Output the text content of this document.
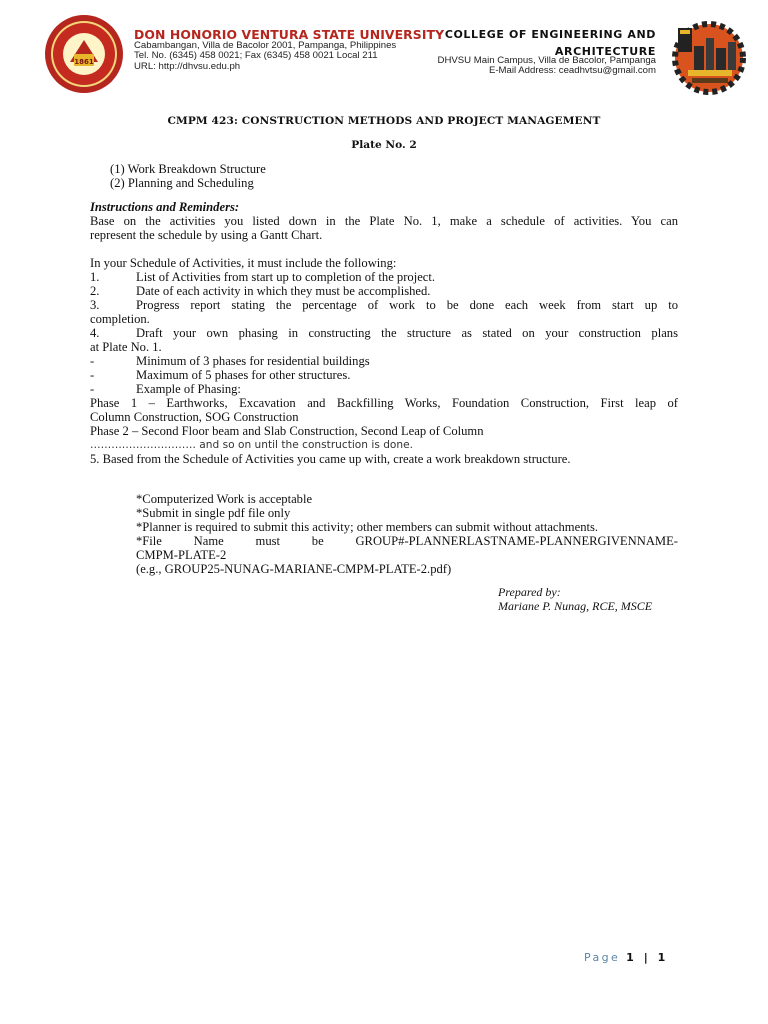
1861
DON HONORIO VENTURA STATE UNIVERSITY
Cabambangan, Villa de Bacolor 2001, Pampanga, Philippines
Tel. No. (6345) 458 0021; Fax (6345) 458 0021 Local 211
URL: http://dhvsu.edu.ph
COLLEGE OF ENGINEERING AND
ARCHITECTURE
DHVSU Main Campus, Villa de Bacolor, Pampanga
E-Mail Address: ceadhvtsu@gmail.com
CMPM 423: CONSTRUCTION METHODS AND PROJECT MANAGEMENT
Plate No. 2
(1) Work Breakdown Structure
(2) Planning and Scheduling
Instructions and Reminders:
Base on the activities you listed down in the Plate No. 1, make a schedule of activities. You can
represent the schedule by using a Gantt Chart.
In your Schedule of Activities, it must include the following:
1.	List of Activities from start up to completion of the project.
2.	Date of each activity in which they must be accomplished.
3.	Progress report stating the percentage of work to be done each week from start up to
completion.
4.	Draft your own phasing in constructing the structure as stated on your construction plans
at Plate No. 1.
-	Minimum of 3 phases for residential buildings
-	Maximum of 5 phases for other structures.
-	Example of Phasing:
Phase 1 – Earthworks, Excavation and Backfilling Works, Foundation Construction, First leap of
Column Construction, SOG Construction
Phase 2 – Second Floor beam and Slab Construction, Second Leap of Column
………………………… and so on until the construction is done.
5. Based from the Schedule of Activities you came up with, create a work breakdown structure.
*Computerized Work is acceptable
*Submit in single pdf file only
*Planner is required to submit this activity; other members can submit without attachments.
*File Name must be GROUP#-PLANNERLASTNAME-PLANNERGIVENNAME-
CMPM-PLATE-2
(e.g., GROUP25-NUNAG-MARIANE-CMPM-PLATE-2.pdf)
Prepared by:
Mariane P. Nunag, RCE, MSCE
Page 1 | 1
